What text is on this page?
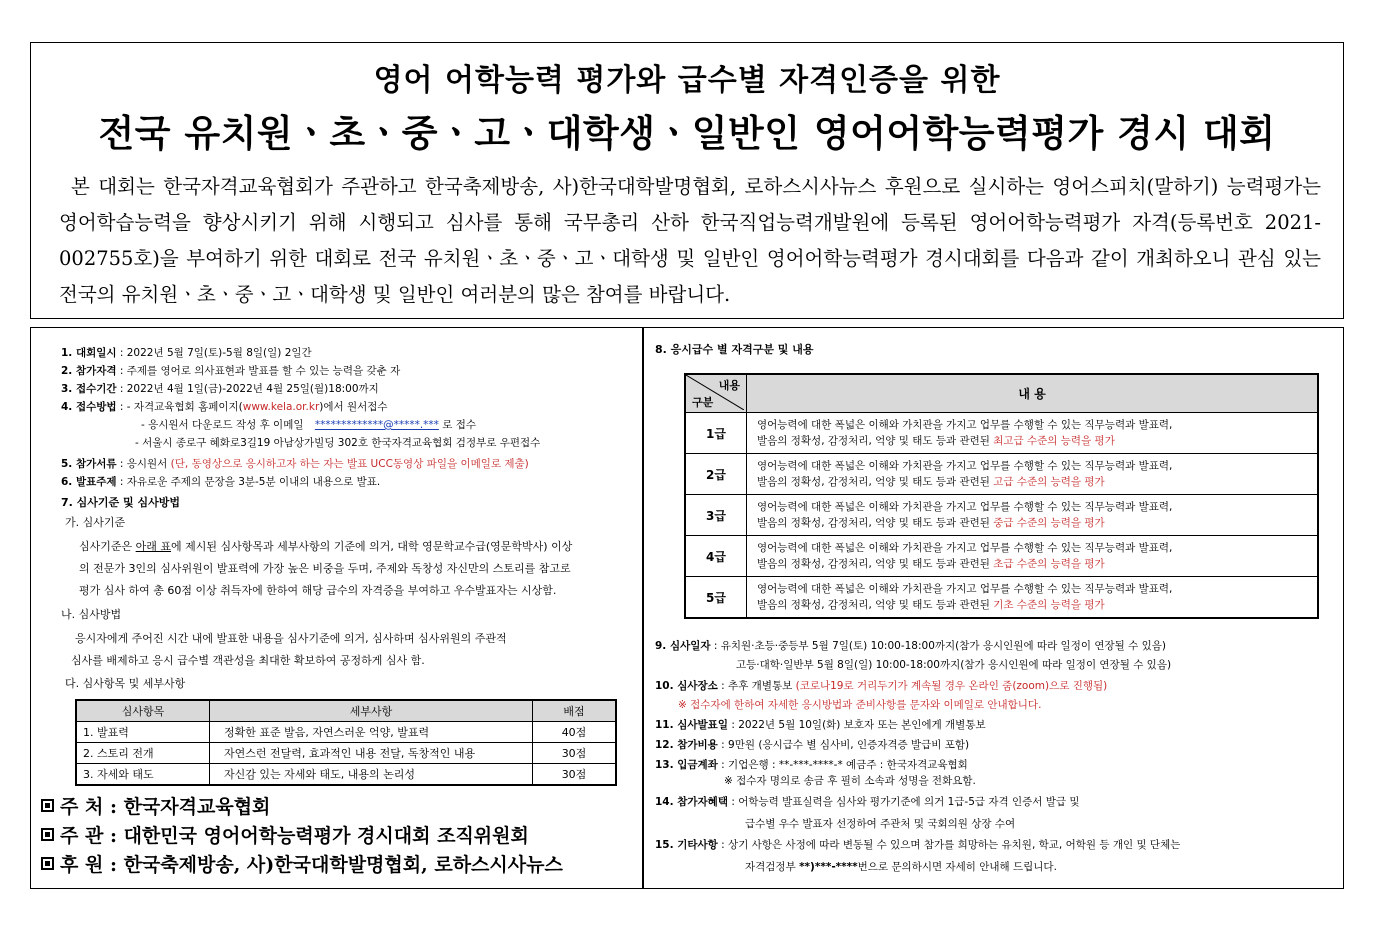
영어 어학능력 평가와 급수별 자격인증을 위한
전국 유치원ㆍ초ㆍ중ㆍ고ㆍ대학생ㆍ일반인 영어어학능력평가 경시 대회
본 대회는 한국자격교육협회가 주관하고 한국축제방송, 사)한국대학발명협회, 로하스시사뉴스 후원으로 실시하는 영어스피치(말하기) 능력평가는 영어학습능력을 향상시키기 위해 시행되고 심사를 통해 국무총리 산하 한국직업능력개발원에 등록된 영어어학능력평가 자격(등록번호 2021-002755호)을 부여하기 위한 대회로 전국 유치원ㆍ초ㆍ중ㆍ고ㆍ대학생 및 일반인 영어어학능력평가 경시대회를 다음과 같이 개최하오니 관심 있는 전국의 유치원ㆍ초ㆍ중ㆍ고ㆍ대학생 및 일반인 여러분의 많은 참여를 바랍니다.
1. 대회일시 : 2022년 5월 7일(토)-5월 8일(일) 2일간
2. 참가자격 : 주제를 영어로 의사표현과 발표를 할 수 있는 능력을 갖춘 자
3. 접수기간 : 2022년 4월 1일(금)-2022년 4월 25일(월)18:00까지
4. 접수방법 : - 자격교육협회 홈페이지(www.kela.or.kr)에서 원서접수
- 응시원서 다운로드 작성 후 이메일 *************@*****.*** 로 접수
- 서울시 종로구 혜화로3길19 아남상가빌딩 302호 한국자격교육협회 검정부로 우편접수
5. 참가서류 : 응시원서 (단, 동영상으로 응시하고자 하는 자는 발표 UCC동영상 파일을 이메일로 제출)
6. 발표주제 : 자유로운 주제의 문장을 3분-5분 이내의 내용으로 발표.
7. 심사기준 및 심사방법
가. 심사기준
심사기준은 아래 표에 제시된 심사항목과 세부사항의 기준에 의거, 대학 영문학교수급(영문학박사) 이상
의 전문가 3인의 심사위원이 발표력에 가장 높은 비중을 두며, 주제와 독창성 자신만의 스토리를 참고로
평가 심사 하여 총 60점 이상 취득자에 한하여 해당 급수의 자격증을 부여하고 우수발표자는 시상함.
나. 심사방법
응시자에게 주어진 시간 내에 발표한 내용을 심사기준에 의거, 심사하며 심사위원의 주관적
심사를 배제하고 응시 급수별 객관성을 최대한 확보하여 공정하게 심사 함.
다. 심사항목 및 세부사항
심사항목	세부사항	배점
1. 발표력	정확한 표준 발음, 자연스러운 억양, 발표력	40점
2. 스토리 전개	자연스런 전달력, 효과적인 내용 전달, 독창적인 내용	30점
3. 자세와 태도	자신감 있는 자세와 태도, 내용의 논리성	30점
주 처 : 한국자격교육협회
주 관 : 대한민국 영어어학능력평가 경시대회 조직위원회
후 원 : 한국축제방송, 사)한국대학발명협회, 로하스시사뉴스
8. 응시급수 별 자격구분 및 내용
내용
구분	내 용
1급	영어능력에 대한 폭넓은 이해와 가치관을 가지고 업무를 수행할 수 있는 직무능력과 발표력,
발음의 정확성, 감정처리, 억양 및 태도 등과 관련된 최고급 수준의 능력을 평가

2급	영어능력에 대한 폭넓은 이해와 가치관을 가지고 업무를 수행할 수 있는 직무능력과 발표력,
발음의 정확성, 감정처리, 억양 및 태도 등과 관련된 고급 수준의 능력을 평가

3급	영어능력에 대한 폭넓은 이해와 가치관을 가지고 업무를 수행할 수 있는 직무능력과 발표력,
발음의 정확성, 감정처리, 억양 및 태도 등과 관련된 중급 수준의 능력을 평가

4급	영어능력에 대한 폭넓은 이해와 가치관을 가지고 업무를 수행할 수 있는 직무능력과 발표력,
발음의 정확성, 감정처리, 억양 및 태도 등과 관련된 초급 수준의 능력을 평가

5급	영어능력에 대한 폭넓은 이해와 가치관을 가지고 업무를 수행할 수 있는 직무능력과 발표력,
발음의 정확성, 감정처리, 억양 및 태도 등과 관련된 기초 수준의 능력을 평가
9. 심사일자 : 유치원·초등·중등부 5월 7일(토) 10:00-18:00까지(참가 응시인원에 따라 일정이 연장될 수 있음)
고등·대학·일반부 5월 8일(일) 10:00-18:00까지(참가 응시인원에 따라 일정이 연장될 수 있음)
10. 심사장소 : 추후 개별통보 (코로나19로 거리두기가 계속될 경우 온라인 줌(zoom)으로 진행됨)
※ 접수자에 한하여 자세한 응시방법과 준비사항를 문자와 이메일로 안내합니다.
11. 심사발표일 : 2022년 5월 10일(화) 보호자 또는 본인에게 개별통보
12. 참가비용 : 9만원 (응시급수 별 심사비, 인증자격증 발급비 포함)
13. 입금계좌 : 기업은행 : **-***-****-* 예금주 : 한국자격교육협회
※ 접수자 명의로 송금 후 필히 소속과 성명을 전화요함.
14. 참가자혜택 : 어학능력 발표실력을 심사와 평가기준에 의거 1급-5급 자격 인증서 발급 및
급수별 우수 발표자 선정하여 주관처 및 국회의원 상장 수여
15. 기타사항 : 상기 사항은 사정에 따라 변동될 수 있으며 참가를 희망하는 유치원, 학교, 어학원 등 개인 및 단체는
자격검정부 **)***-****번으로 문의하시면 자세히 안내해 드립니다.
